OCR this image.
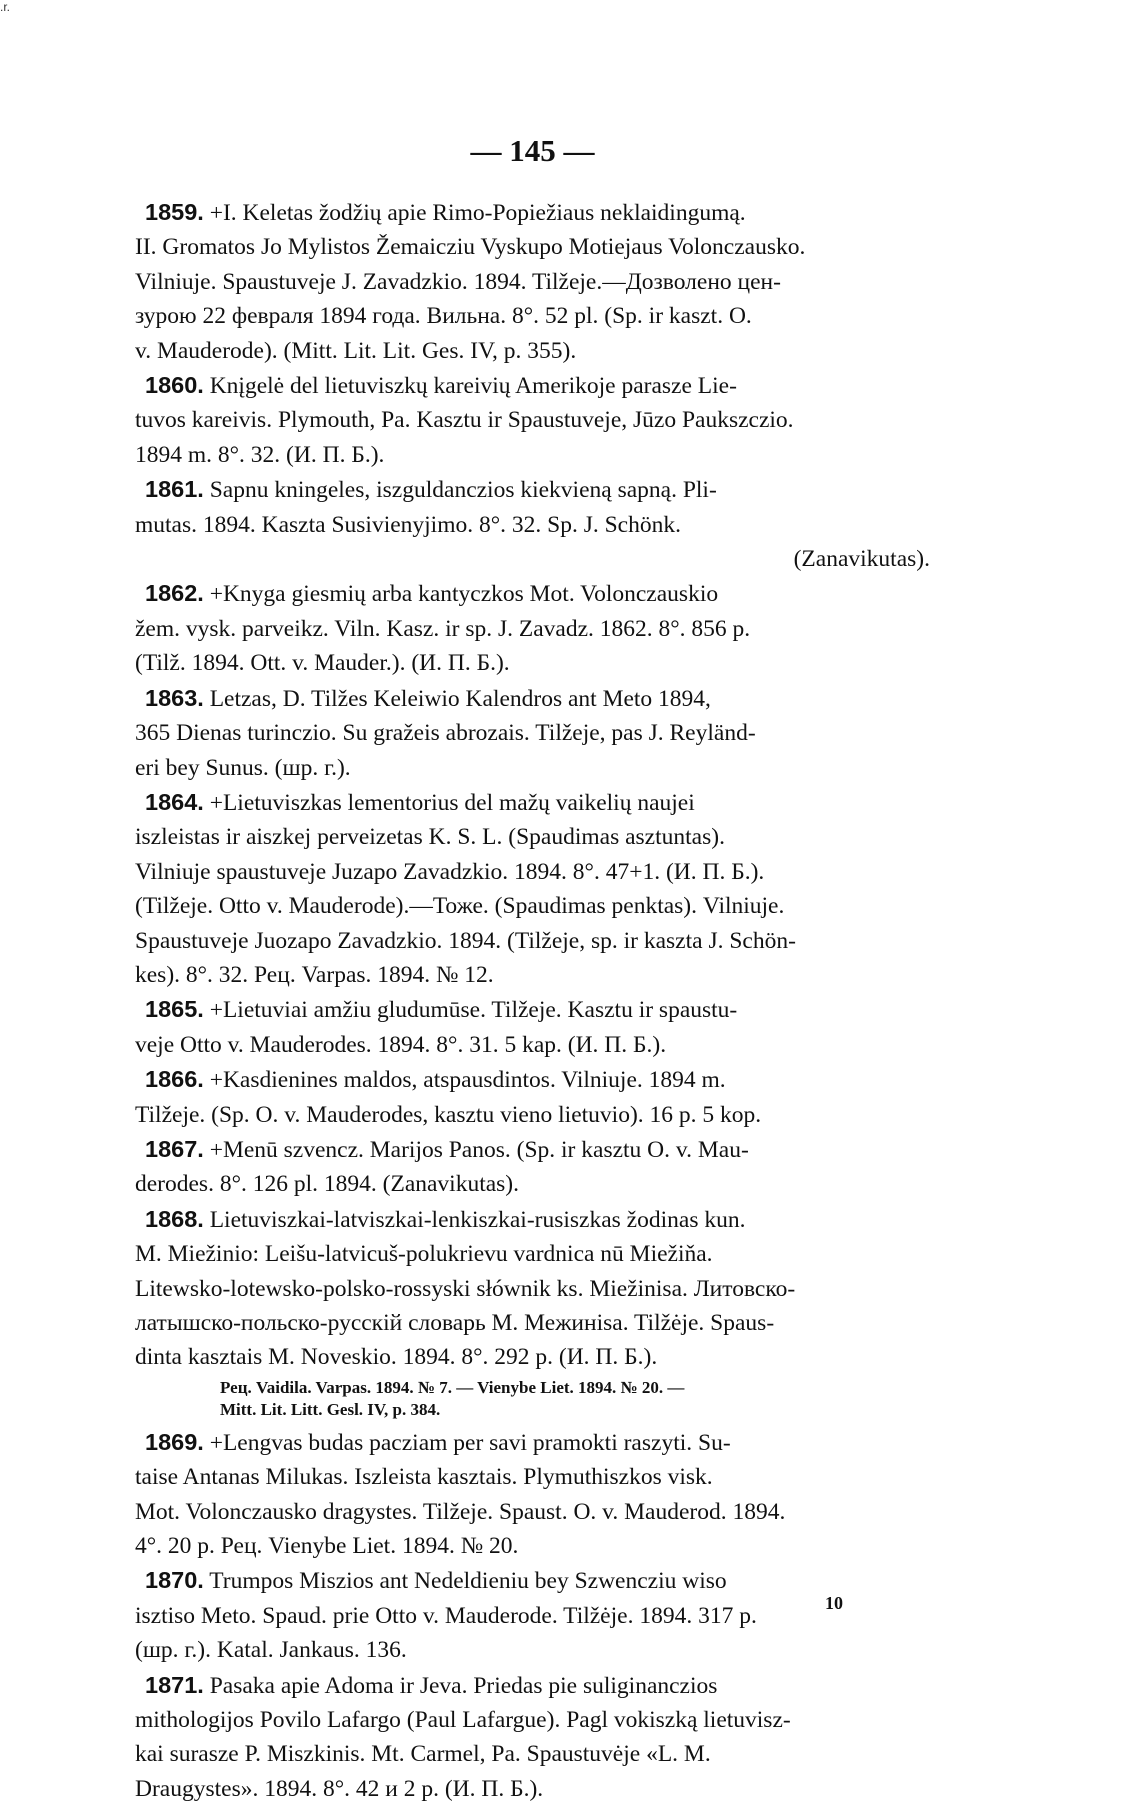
.r.
— 145 —
1859. +I. Keletas žodžių apie Rimo-Popiežiaus neklaidingumą.
II. Gromatos Jo Mylistos Žemaicziu Vyskupo Motiejaus Volonczausko.
Vilniuje. Spaustuveje J. Zavadzkio. 1894. Tilžeje.—Дозволено цен-
зурою 22 февраля 1894 года. Вильна. 8°. 52 pl. (Sp. ir kaszt. O.
v. Mauderode). (Mitt. Lit. Lit. Ges. IV, p. 355).
1860. Knįgelė del lietuviszkų kareivių Amerikoje parasze Lie-
tuvos kareivis. Plymouth, Pa. Kasztu ir Spaustuveje, Jūzo Paukszczio.
1894 m. 8°. 32. (И. П. Б.).
1861. Sapnu kningeles, iszguldanczios kiekvieną sapną. Pli-
mutas. 1894. Kaszta Susivienyjimo. 8°. 32. Sp. J. Schönk.
(Zanavikutas).
1862. +Knyga giesmių arba kantyczkos Mot. Volonczauskio
žem. vysk. parveikz. Viln. Kasz. ir sp. J. Zavadz. 1862. 8°. 856 p.
(Tilž. 1894. Ott. v. Mauder.). (И. П. Б.).
1863. Letzas, D. Tilžes Keleiwio Kalendros ant Meto 1894,
365 Dienas turinczio. Su gražeis abrozais. Tilžeje, pas J. Reyländ-
eri bey Sunus. (шр. г.).
1864. +Lietuviszkas lementorius del mažų vaikelių naujei
iszleistas ir aiszkej perveizetas K. S. L. (Spaudimas asztuntas).
Vilniuje spaustuveje Juzapo Zavadzkio. 1894. 8°. 47+1. (И. П. Б.).
(Tilžeje. Otto v. Mauderode).—Тоже. (Spaudimas penktas). Vilniuje.
Spaustuveje Juozapo Zavadzkio. 1894. (Tilžeje, sp. ir kaszta J. Schön-
kes). 8°. 32. Рец. Varpas. 1894. № 12.
1865. +Lietuviai amžiu gludumūse. Tilžeje. Kasztu ir spaustu-
veje Otto v. Mauderodes. 1894. 8°. 31. 5 kap. (И. П. Б.).
1866. +Kasdienines maldos, atspausdintos. Vilniuje. 1894 m.
Tilžeje. (Sp. O. v. Mauderodes, kasztu vieno lietuvio). 16 p. 5 kop.
1867. +Menū szvencz. Marijos Panos. (Sp. ir kasztu O. v. Mau-
derodes. 8°. 126 pl. 1894. (Zanavikutas).
1868. Lietuviszkai-latviszkai-lenkiszkai-rusiszkas žodinas kun.
M. Miežinio: Leišu-latvicuš-polukrievu vardnica nū Miežiňa.
Litewsko-lotewsko-polsko-rossyski słównik ks. Miežinisa. Литовско-
латышско-польско-русскій словарь М. Межинisa. Tilžėje. Spaus-
dinta kasztais M. Noveskio. 1894. 8°. 292 p. (И. П. Б.).
Рец. Vaidila. Varpas. 1894. № 7. — Vienybe Liet. 1894. № 20. —
Mitt. Lit. Litt. Gesl. IV, p. 384.
1869. +Lengvas budas pacziam per savi pramokti raszyti. Su-
taise Antanas Milukas. Iszleista kasztais. Plymuthiszkos visk.
Mot. Volonczausko dragystes. Tilžeje. Spaust. O. v. Mauderod. 1894.
4°. 20 p. Рец. Vienybe Liet. 1894. № 20.
1870. Trumpos Miszios ant Nedeldieniu bey Szwencziu wiso
isztiso Meto. Spaud. prie Otto v. Mauderode. Tilžėje. 1894. 317 p.
(шр. г.). Katal. Jankaus. 136.
1871. Pasaka apie Adoma ir Jeva. Priedas pie suliginanczios
mithologijos Povilo Lafargo (Paul Lafargue). Pagl vokiszką lietuvisz-
kai surasze P. Miszkinis. Mt. Carmel, Pa. Spaustuvėje «L. M.
Draugystes». 1894. 8°. 42 и 2 p. (И. П. Б.).
10
